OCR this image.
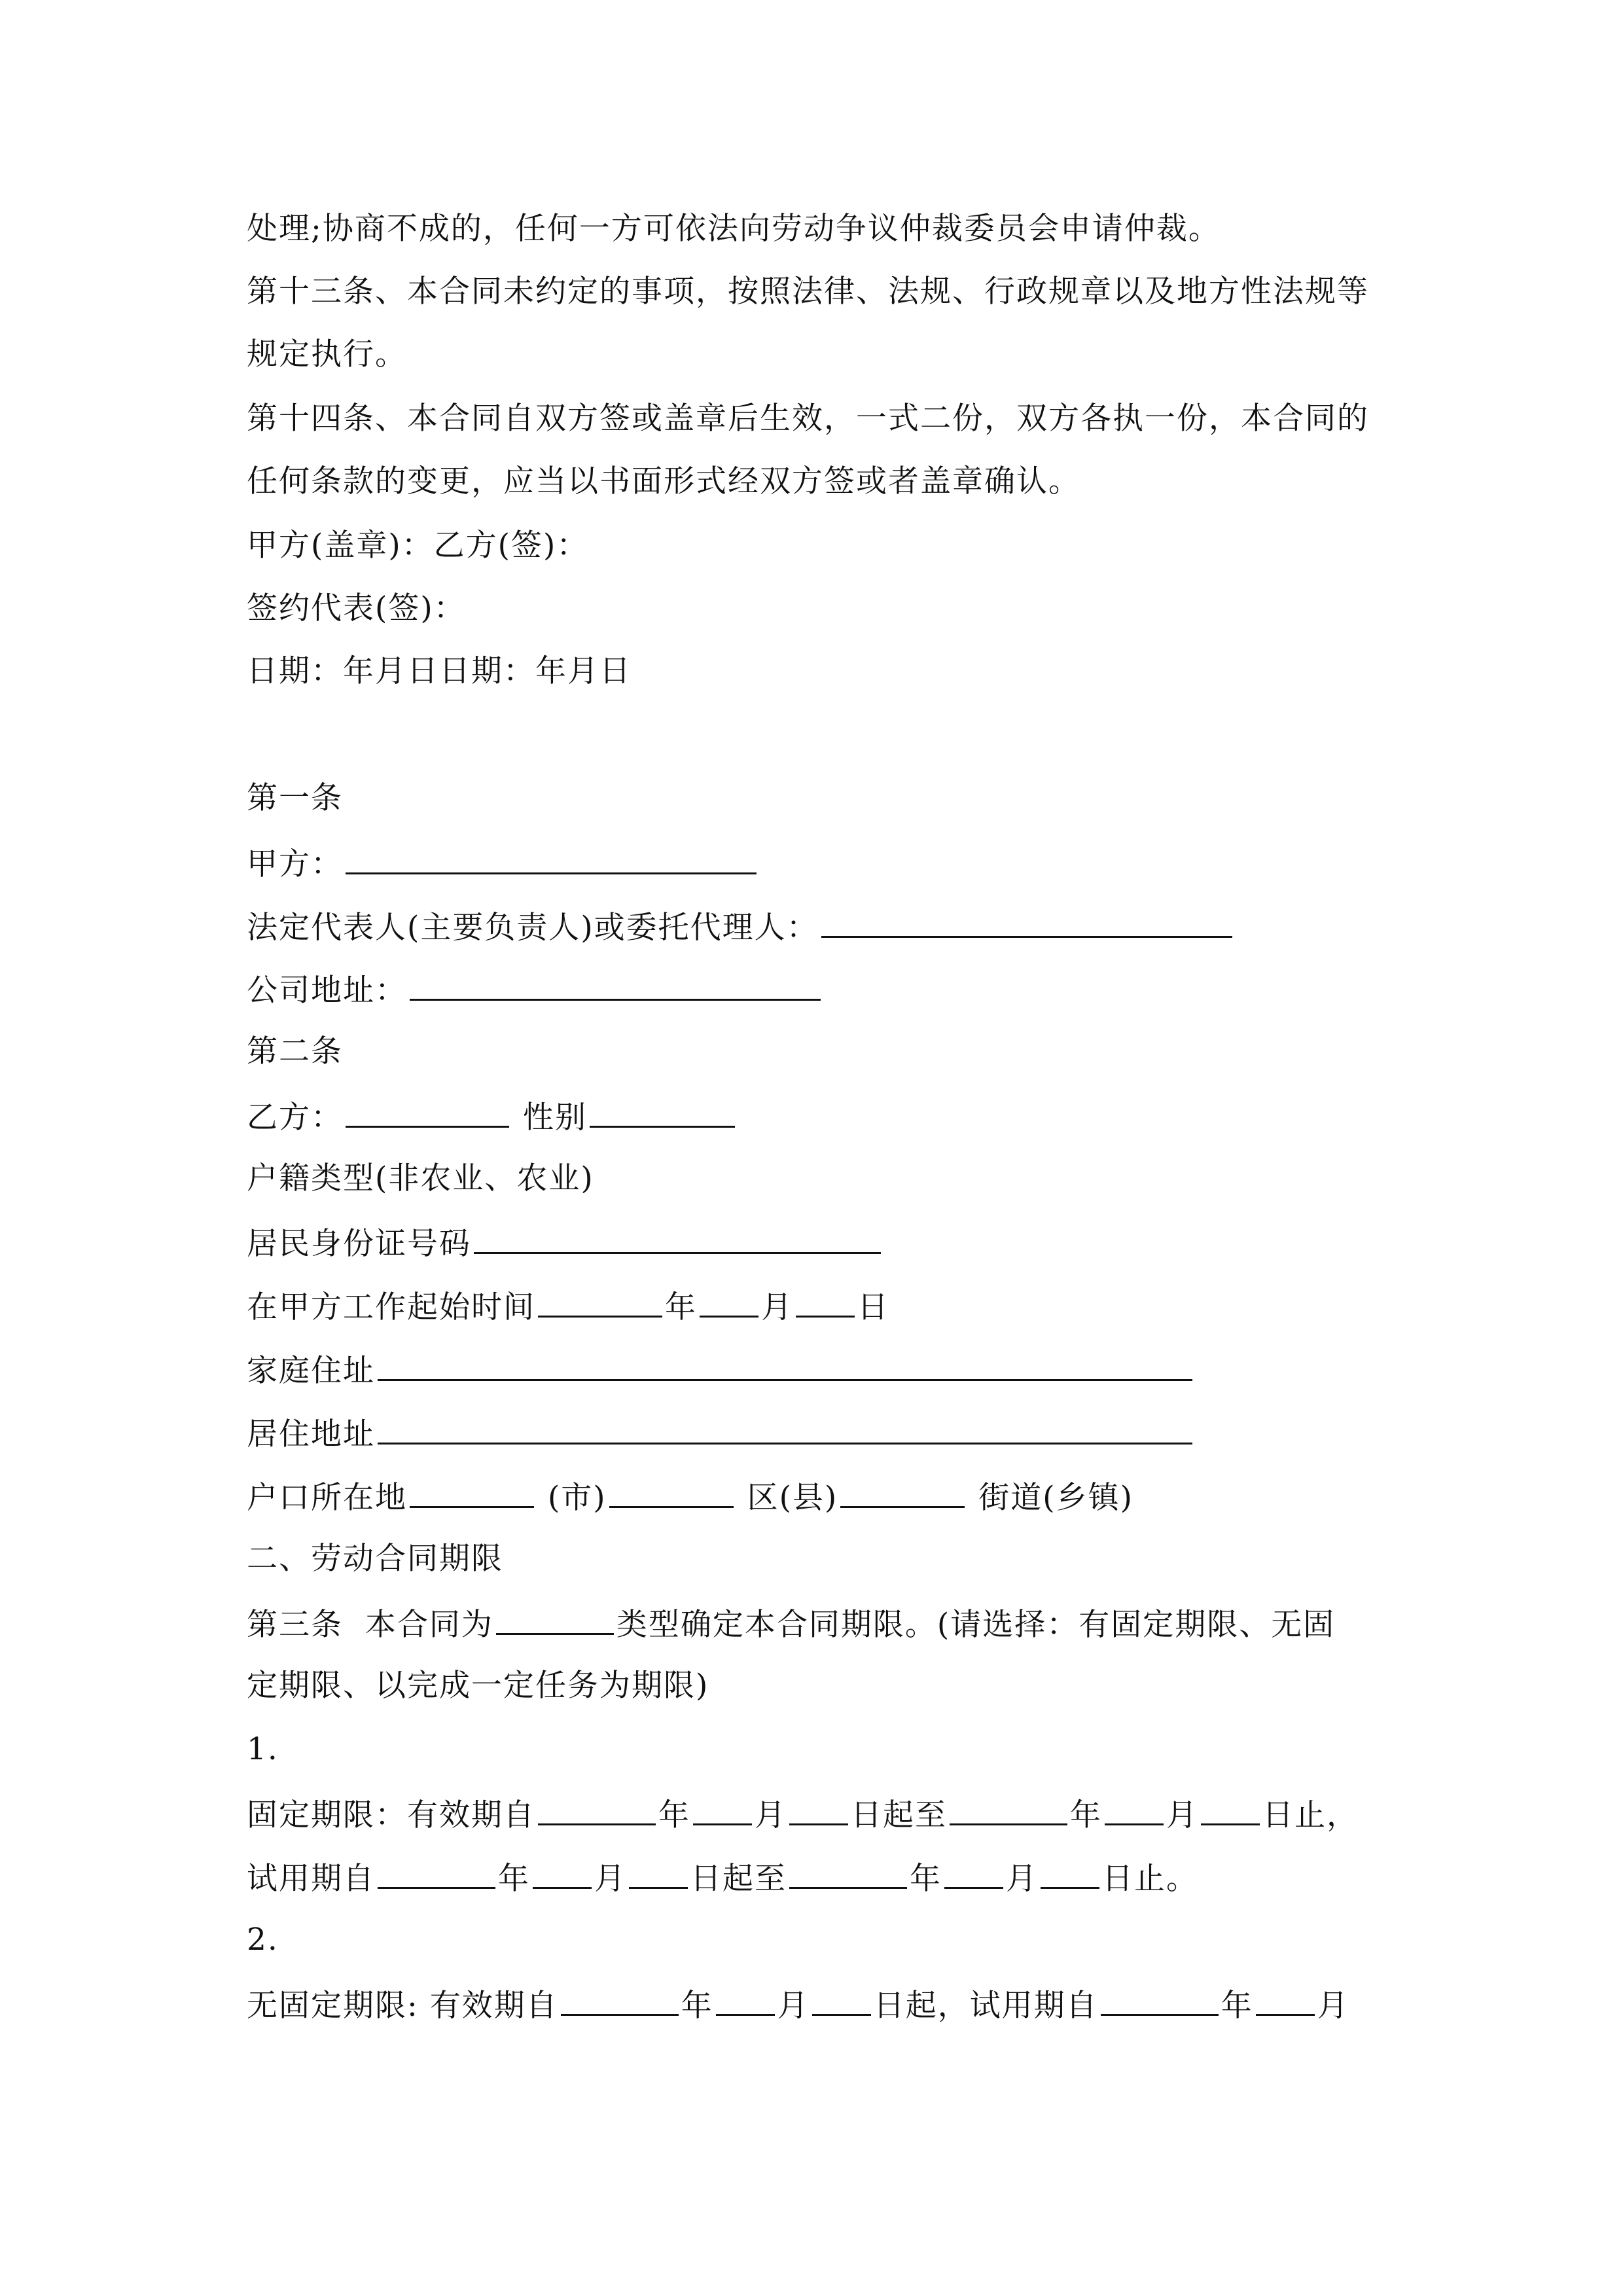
处理;协商不成的，任何一方可依法向劳动争议仲裁委员会申请仲裁。
第十三条、本合同未约定的事项，按照法律、法规、行政规章以及地方性法规等
规定执行。
第十四条、本合同自双方签或盖章后生效，一式二份，双方各执一份，本合同的
任何条款的变更，应当以书面形式经双方签或者盖章确认。
甲方(盖章)：乙方(签)：
签约代表(签)：
日期：年月日日期：年月日
第一条
甲方：
法定代表人(主要负责人)或委托代理人：
公司地址：
第二条
乙方：	性别
户籍类型(非农业、农业)
居民身份证号码
在甲方工作起始时间	年 月 日
家庭住址
居住地址
户口所在地	(市)	区(县)	街道(乡镇)
二、劳动合同期限
第三条 本合同为	类型确定本合同期限。(请选择：有固定期限、无固
定期限、以完成一定任务为期限)
1.
固定期限：有效期自	年 月 日起至	年 月 日止，
试用期自	年 月 日起至	年 月 日止。
2.
无固定期限: 有效期自	年 月 日起，试用期自	年 月
